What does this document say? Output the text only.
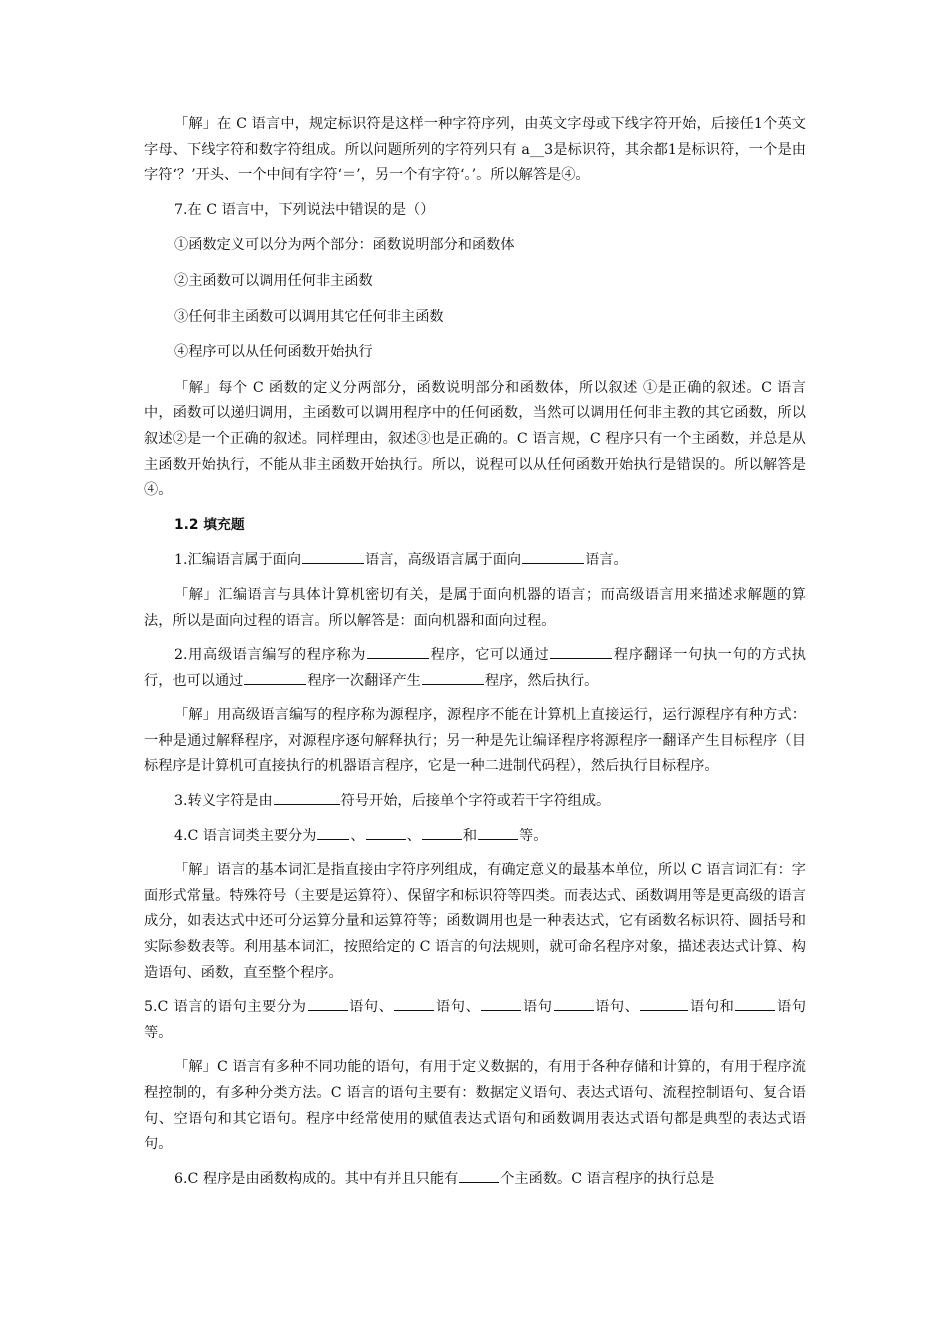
「解」在 C 语言中，规定标识符是这样一种字符序列，由英文字母或下线字符开始，后接任1个英文字母、下线字符和数字符组成。所以问题所列的字符列只有 a__3是标识符，其余都1是标识符，一个是由字符‘？’开头、一个中间有字符‘＝’，另一个有字符‘。’。所以解答是④。

7.在 C 语言中，下列说法中错误的是（）

①函数定义可以分为两个部分：函数说明部分和函数体

②主函数可以调用任何非主函数

③任何非主函数可以调用其它任何非主函数

④程序可以从任何函数开始执行

「解」每个 C 函数的定义分两部分，函数说明部分和函数体，所以叙述 ①是正确的叙述。C 语言中，函数可以递归调用，主函数可以调用程序中的任何函数，当然可以调用任何非主教的其它函数，所以叙述②是一个正确的叙述。同样理由，叙述③也是正确的。C 语言规，C 程序只有一个主函数，并总是从主函数开始执行，不能从非主函数开始执行。所以，说程可以从任何函数开始执行是错误的。所以解答是④。

1.2 填充题

1.汇编语言属于面向	语言，高级语言属于面向	语言。

「解」汇编语言与具体计算机密切有关，是属于面向机器的语言；而高级语言用来描述求解题的算法，所以是面向过程的语言。所以解答是：面向机器和面向过程。

2.用高级语言编写的程序称为	程序，它可以通过	程序翻译一句执一句的方式执行，也可以通过	程序一次翻译产生	程序，然后执行。

「解」用高级语言编写的程序称为源程序，源程序不能在计算机上直接运行，运行源程序有种方式：一种是通过解释程序，对源程序逐句解释执行；另一种是先让编译程序将源程序一翻译产生目标程序（目标程序是计算机可直接执行的机器语言程序，它是一种二进制代码程），然后执行目标程序。

3.转义字符是由	符号开始，后接单个字符或若干字符组成。

4.C 语言词类主要分为 、	、	和	等。

「解」语言的基本词汇是指直接由字符序列组成，有确定意义的最基本单位，所以 C 语言词汇有：字面形式常量。特殊符号（主要是运算符）、保留字和标识符等四类。而表达式、函数调用等是更高级的语言成分，如表达式中还可分运算分量和运算符等；函数调用也是一种表达式，它有函数名标识符、圆括号和实际参数表等。利用基本词汇，按照给定的 C 语言的句法规则，就可命名程序对象，描述表达式计算、构造语句、函数，直至整个程序。

5.C 语言的语句主要分为	语句、	语句、	语句	语句、	语句和	语句等。

「解」C 语言有多种不同功能的语句，有用于定义数据的，有用于各种存储和计算的，有用于程序流程控制的，有多种分类方法。C 语言的语句主要有：数据定义语句、表达式语句、流程控制语句、复合语句、空语句和其它语句。程序中经常使用的赋值表达式语句和函数调用表达式语句都是典型的表达式语句。

6.C 程序是由函数构成的。其中有并且只能有	个主函数。C 语言程序的执行总是
